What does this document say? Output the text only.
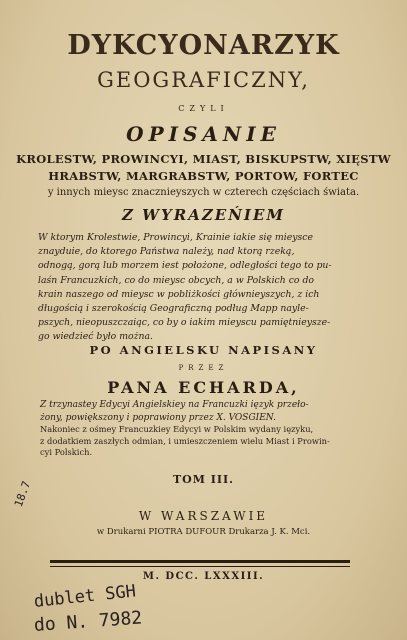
DYKCYONARZYK
GEOGRAFICZNY,
CZYLI
OPISANIE
KROLESTW, PROWINCYI, MIAST, BISKUPSTW, XIĘSTW
HRABSTW, MARGRABSTW, PORTOW, FORTEC
y innych mieysc znacznieyszych w czterech częściach świata.
Z WYRAZEŃIEM
W ktorym Krolestwie, Prowincyi, Krainie iakie się mieysce
znayduie, do ktorego Państwa należy, nad ktorą rzeką,
odnogą, gorą lub morzem iest położone, odległości tego to pu-
laśn Francuzkich, co do mieysc obcych, a w Polskich co do
krain naszego od mieysc w pobliżkości głównieyszych, z ich
długością i szerokością Geograficzną podług Mapp nayle-
pszych, nieopuszczaiąc, co by o iakim mieyscu pamiętnieysze-
go wiedzieć było można.
PO ANGIELSKU NAPISANY
PRZEZ
PANA ECHARDA,
Z trzynastey Edycyi Angielskiey na Francuzki ięzyk przeło-
żony, powiększony i poprawiony przez X. VOSGIEN.
Nakoniec z ośmey Francuzkiey Edycyi w Polskim wydany ięzyku,
z dodatkiem zaszłych odmian, i umieszczeniem wielu Miast i Prowin-
cyi Polskich.
TOM III.
W WARSZAWIE
w Drukarni PIOTRA DUFOUR Drukarza J. K. Mci.
M. DCC. LXXXIII.
18.7
dublet SGH
do N. 7982
